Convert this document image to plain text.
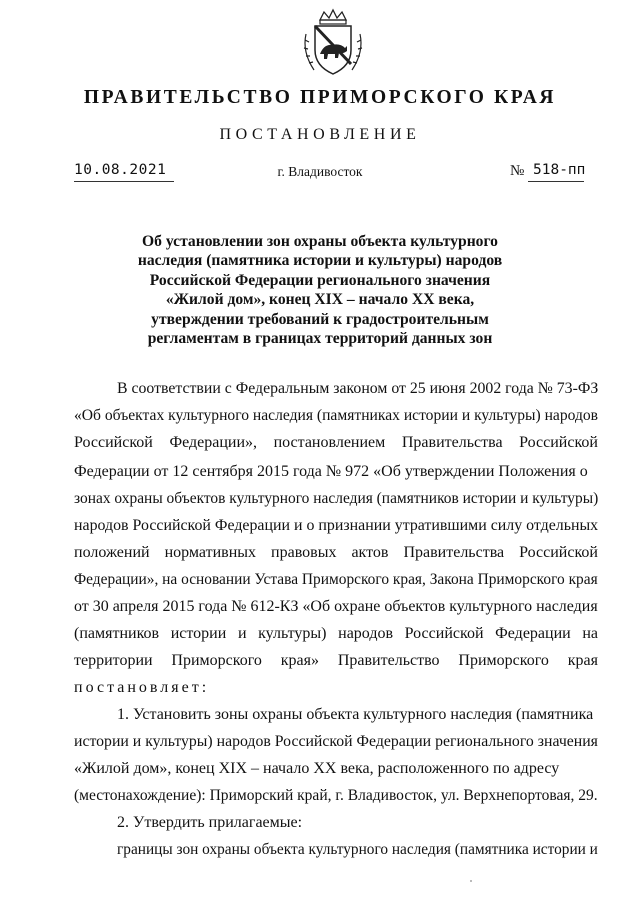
ПРАВИТЕЛЬСТВО ПРИМОРСКОГО КРАЯ
ПОСТАНОВЛЕНИЕ
10.08.2021	г. Владивосток	№ 518-пп
Об установлении зон охраны объекта культурного
наследия (памятника истории и культуры) народов
Российской Федерации регионального значения
«Жилой дом», конец XIX – начало XX века,
утверждении требований к градостроительным
регламентам в границах территорий данных зон
В соответствии с Федеральным законом от 25 июня 2002 года № 73-ФЗ
«Об объектах культурного наследия (памятниках истории и культуры) народов
Российской Федерации», постановлением Правительства Российской
Федерации от 12 сентября 2015 года № 972 «Об утверждении Положения о
зонах охраны объектов культурного наследия (памятников истории и культуры)
народов Российской Федерации и о признании утратившими силу отдельных
положений нормативных правовых актов Правительства Российской
Федерации», на основании Устава Приморского края, Закона Приморского края
от 30 апреля 2015 года № 612-КЗ «Об охране объектов культурного наследия
(памятников истории и культуры) народов Российской Федерации на
территории Приморского края» Правительство Приморского края
постановляет:
1. Установить зоны охраны объекта культурного наследия (памятника
истории и культуры) народов Российской Федерации регионального значения
«Жилой дом», конец XIX – начало XX века, расположенного по адресу
(местонахождение): Приморский край, г. Владивосток, ул. Верхнепортовая, 29.
2. Утвердить прилагаемые:
границы зон охраны объекта культурного наследия (памятника истории и
